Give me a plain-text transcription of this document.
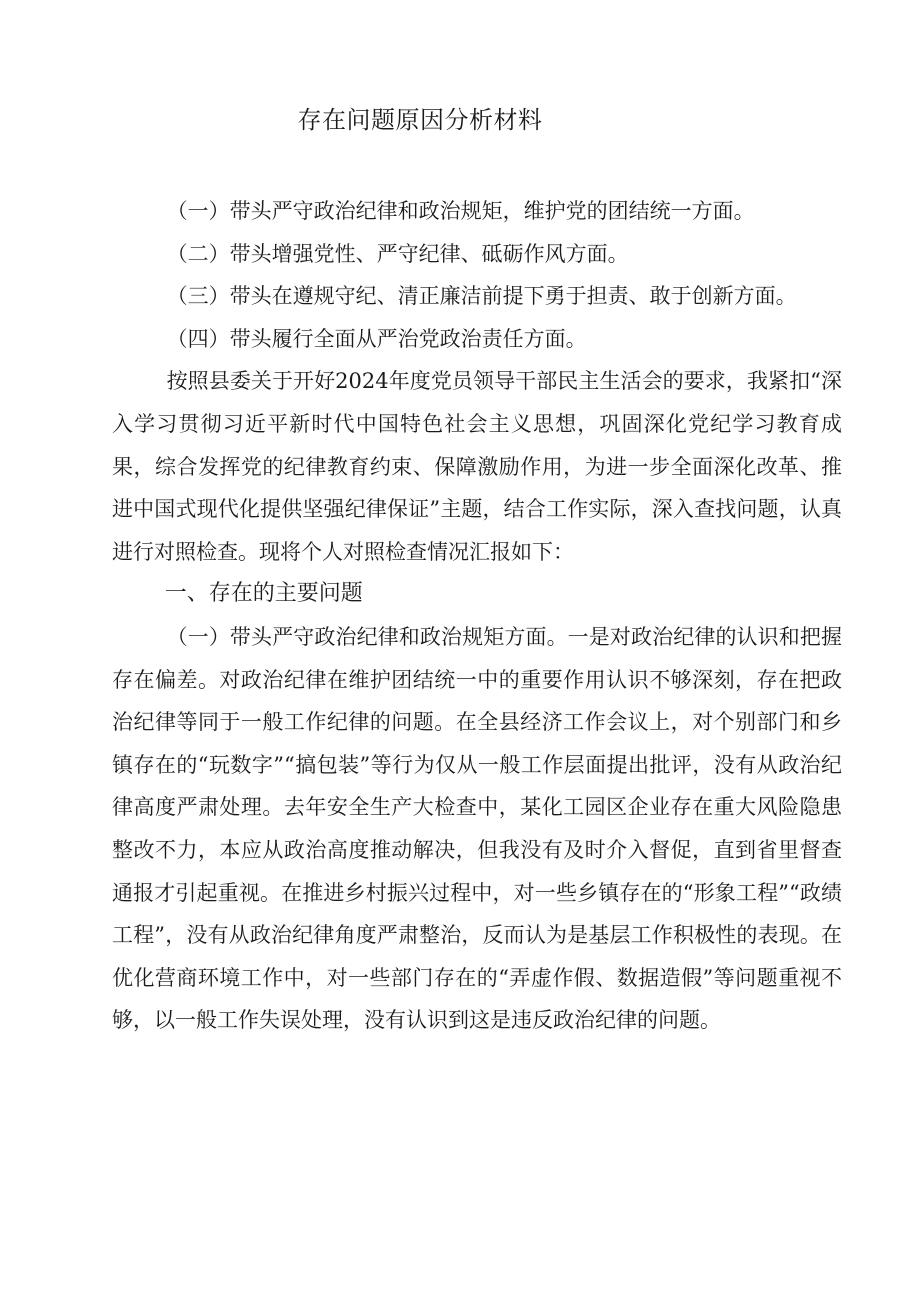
存在问题原因分析材料

（一）带头严守政治纪律和政治规矩，维护党的团结统一方面。

（二）带头增强党性、严守纪律、砥砺作风方面。

（三）带头在遵规守纪、清正廉洁前提下勇于担责、敢于创新方面。

（四）带头履行全面从严治党政治责任方面。

按照县委关于开好2024年度党员领导干部民主生活会的要求，我紧扣“深入学习贯彻习近平新时代中国特色社会主义思想，巩固深化党纪学习教育成果，综合发挥党的纪律教育约束、保障激励作用，为进一步全面深化改革、推进中国式现代化提供坚强纪律保证”主题，结合工作实际，深入查找问题，认真进行对照检查。现将个人对照检查情况汇报如下：

一、存在的主要问题

（一）带头严守政治纪律和政治规矩方面。一是对政治纪律的认识和把握存在偏差。对政治纪律在维护团结统一中的重要作用认识不够深刻，存在把政治纪律等同于一般工作纪律的问题。在全县经济工作会议上，对个别部门和乡镇存在的“玩数字”“搞包装”等行为仅从一般工作层面提出批评，没有从政治纪律高度严肃处理。去年安全生产大检查中，某化工园区企业存在重大风险隐患整改不力，本应从政治高度推动解决，但我没有及时介入督促，直到省里督查通报才引起重视。在推进乡村振兴过程中，对一些乡镇存在的“形象工程”“政绩工程”，没有从政治纪律角度严肃整治，反而认为是基层工作积极性的表现。在优化营商环境工作中，对一些部门存在的“弄虚作假、数据造假”等问题重视不够，以一般工作失误处理，没有认识到这是违反政治纪律的问题。
